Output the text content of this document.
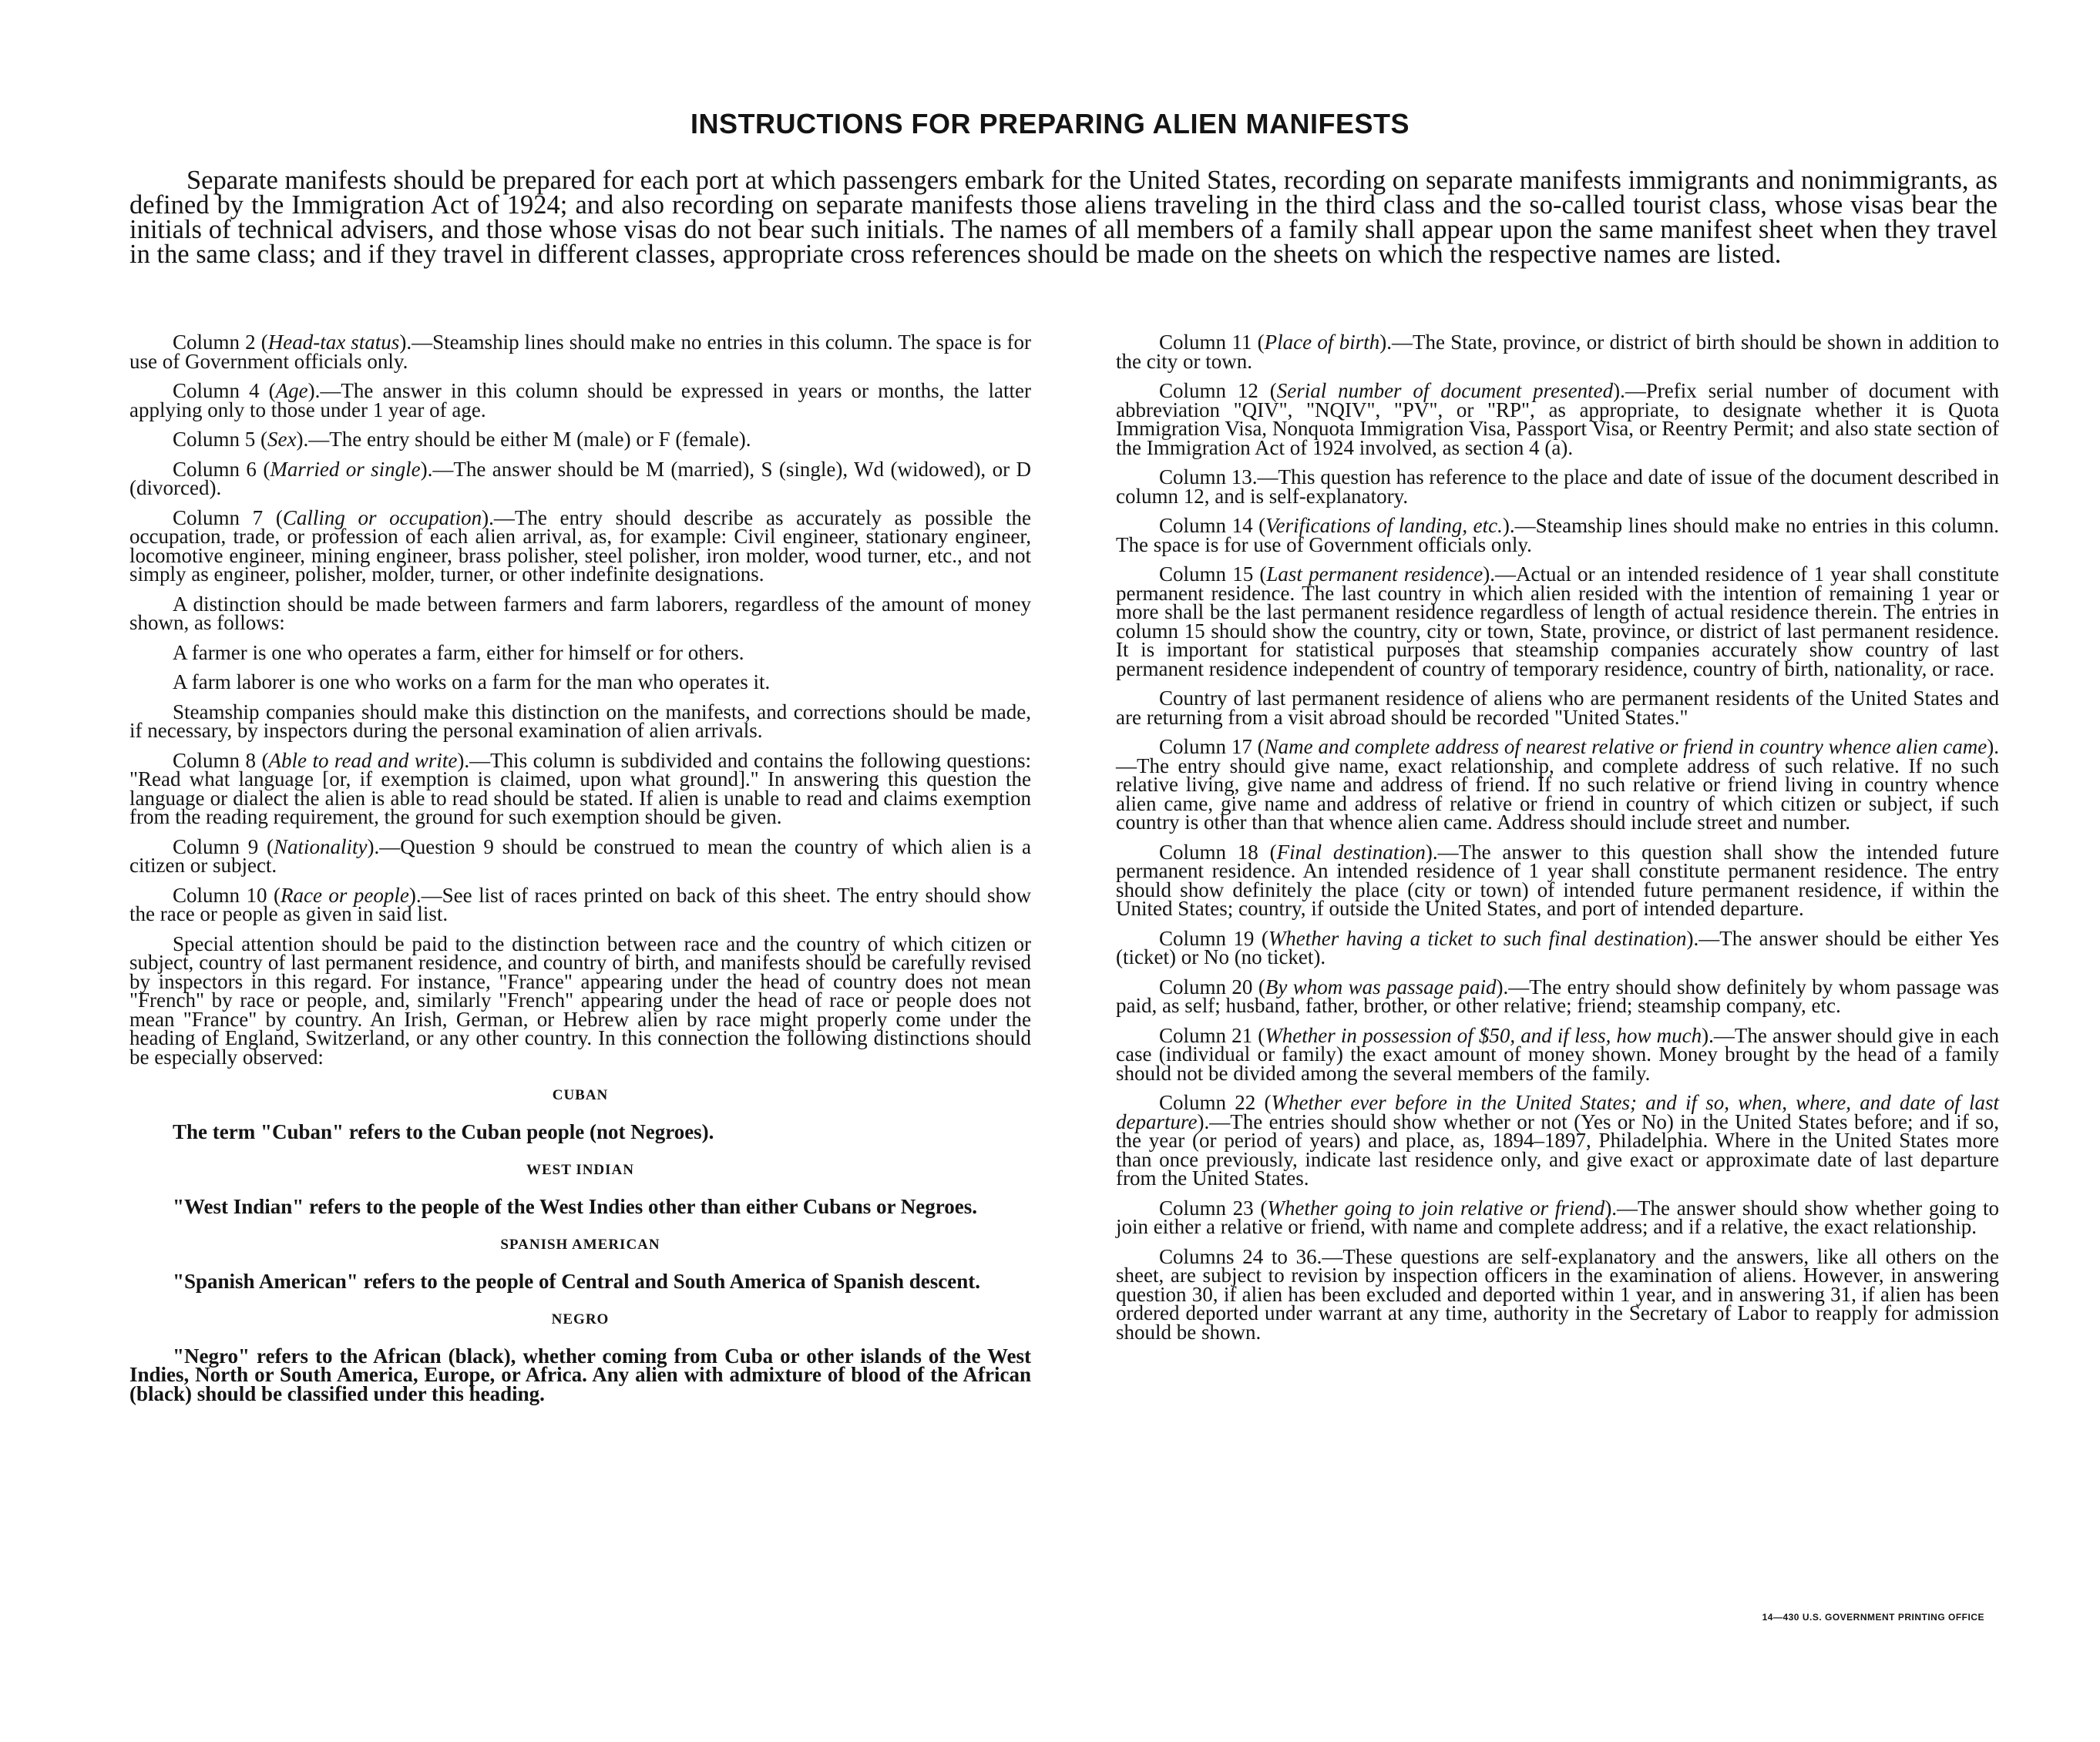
INSTRUCTIONS FOR PREPARING ALIEN MANIFESTS

Separate manifests should be prepared for each port at which passengers embark for the United States, recording on separate manifests immigrants and nonimmigrants, as defined by the Immigration Act of 1924; and also recording on separate manifests those aliens traveling in the third class and the so-called tourist class, whose visas bear the initials of technical advisers, and those whose visas do not bear such initials. The names of all members of a family shall appear upon the same manifest sheet when they travel in the same class; and if they travel in different classes, appropriate cross references should be made on the sheets on which the respective names are listed.

Column 2 (Head-tax status).—Steamship lines should make no entries in this column. The space is for use of Government officials only.

Column 4 (Age).—The answer in this column should be expressed in years or months, the latter applying only to those under 1 year of age.

Column 5 (Sex).—The entry should be either M (male) or F (female).

Column 6 (Married or single).—The answer should be M (married), S (single), Wd (widowed), or D (divorced).

Column 7 (Calling or occupation).—The entry should describe as accurately as possible the occupation, trade, or profession of each alien arrival, as, for example: Civil engineer, stationary engineer, locomotive engineer, mining engineer, brass polisher, steel polisher, iron molder, wood turner, etc., and not simply as engineer, polisher, molder, turner, or other indefinite designations.

A distinction should be made between farmers and farm laborers, regardless of the amount of money shown, as follows:

A farmer is one who operates a farm, either for himself or for others.

A farm laborer is one who works on a farm for the man who operates it.

Steamship companies should make this distinction on the manifests, and corrections should be made, if necessary, by inspectors during the personal examination of alien arrivals.

Column 8 (Able to read and write).—This column is subdivided and contains the following questions: "Read what language [or, if exemption is claimed, upon what ground]." In answering this question the language or dialect the alien is able to read should be stated. If alien is unable to read and claims exemption from the reading requirement, the ground for such exemption should be given.

Column 9 (Nationality).—Question 9 should be construed to mean the country of which alien is a citizen or subject.

Column 10 (Race or people).—See list of races printed on back of this sheet. The entry should show the race or people as given in said list.

Special attention should be paid to the distinction between race and the country of which citizen or subject, country of last permanent residence, and country of birth, and manifests should be carefully revised by inspectors in this regard. For instance, "France" appearing under the head of country does not mean "French" by race or people, and, similarly "French" appearing under the head of race or people does not mean "France" by country. An Irish, German, or Hebrew alien by race might properly come under the heading of England, Switzerland, or any other country. In this connection the following distinctions should be especially observed:

CUBAN

The term "Cuban" refers to the Cuban people (not Negroes).

WEST INDIAN

"West Indian" refers to the people of the West Indies other than either Cubans or Negroes.

SPANISH AMERICAN

"Spanish American" refers to the people of Central and South America of Spanish descent.

NEGRO

"Negro" refers to the African (black), whether coming from Cuba or other islands of the West Indies, North or South America, Europe, or Africa. Any alien with admixture of blood of the African (black) should be classified under this heading.

Column 11 (Place of birth).—The State, province, or district of birth should be shown in addition to the city or town.

Column 12 (Serial number of document presented).—Prefix serial number of document with abbreviation "QIV", "NQIV", "PV", or "RP", as appropriate, to designate whether it is Quota Immigration Visa, Nonquota Immigration Visa, Passport Visa, or Reentry Permit; and also state section of the Immigration Act of 1924 involved, as section 4 (a).

Column 13.—This question has reference to the place and date of issue of the document described in column 12, and is self-explanatory.

Column 14 (Verifications of landing, etc.).—Steamship lines should make no entries in this column. The space is for use of Government officials only.

Column 15 (Last permanent residence).—Actual or an intended residence of 1 year shall constitute permanent residence. The last country in which alien resided with the intention of remaining 1 year or more shall be the last permanent residence regardless of length of actual residence therein. The entries in column 15 should show the country, city or town, State, province, or district of last permanent residence. It is important for statistical purposes that steamship companies accurately show country of last permanent residence independent of country of temporary residence, country of birth, nationality, or race.

Country of last permanent residence of aliens who are permanent residents of the United States and are returning from a visit abroad should be recorded "United States."

Column 17 (Name and complete address of nearest relative or friend in country whence alien came).—The entry should give name, exact relationship, and complete address of such relative. If no such relative living, give name and address of friend. If no such relative or friend living in country whence alien came, give name and address of relative or friend in country of which citizen or subject, if such country is other than that whence alien came. Address should include street and number.

Column 18 (Final destination).—The answer to this question shall show the intended future permanent residence. An intended residence of 1 year shall constitute permanent residence. The entry should show definitely the place (city or town) of intended future permanent residence, if within the United States; country, if outside the United States, and port of intended departure.

Column 19 (Whether having a ticket to such final destination).—The answer should be either Yes (ticket) or No (no ticket).

Column 20 (By whom was passage paid).—The entry should show definitely by whom passage was paid, as self; husband, father, brother, or other relative; friend; steamship company, etc.

Column 21 (Whether in possession of $50, and if less, how much).—The answer should give in each case (individual or family) the exact amount of money shown. Money brought by the head of a family should not be divided among the several members of the family.

Column 22 (Whether ever before in the United States; and if so, when, where, and date of last departure).—The entries should show whether or not (Yes or No) in the United States before; and if so, the year (or period of years) and place, as, 1894–1897, Philadelphia. Where in the United States more than once previously, indicate last residence only, and give exact or approximate date of last departure from the United States.

Column 23 (Whether going to join relative or friend).—The answer should show whether going to join either a relative or friend, with name and complete address; and if a relative, the exact relationship.

Columns 24 to 36.—These questions are self-explanatory and the answers, like all others on the sheet, are subject to revision by inspection officers in the examination of aliens. However, in answering question 30, if alien has been excluded and deported within 1 year, and in answering 31, if alien has been ordered deported under warrant at any time, authority in the Secretary of Labor to reapply for admission should be shown.

14—430 U.S. GOVERNMENT PRINTING OFFICE
